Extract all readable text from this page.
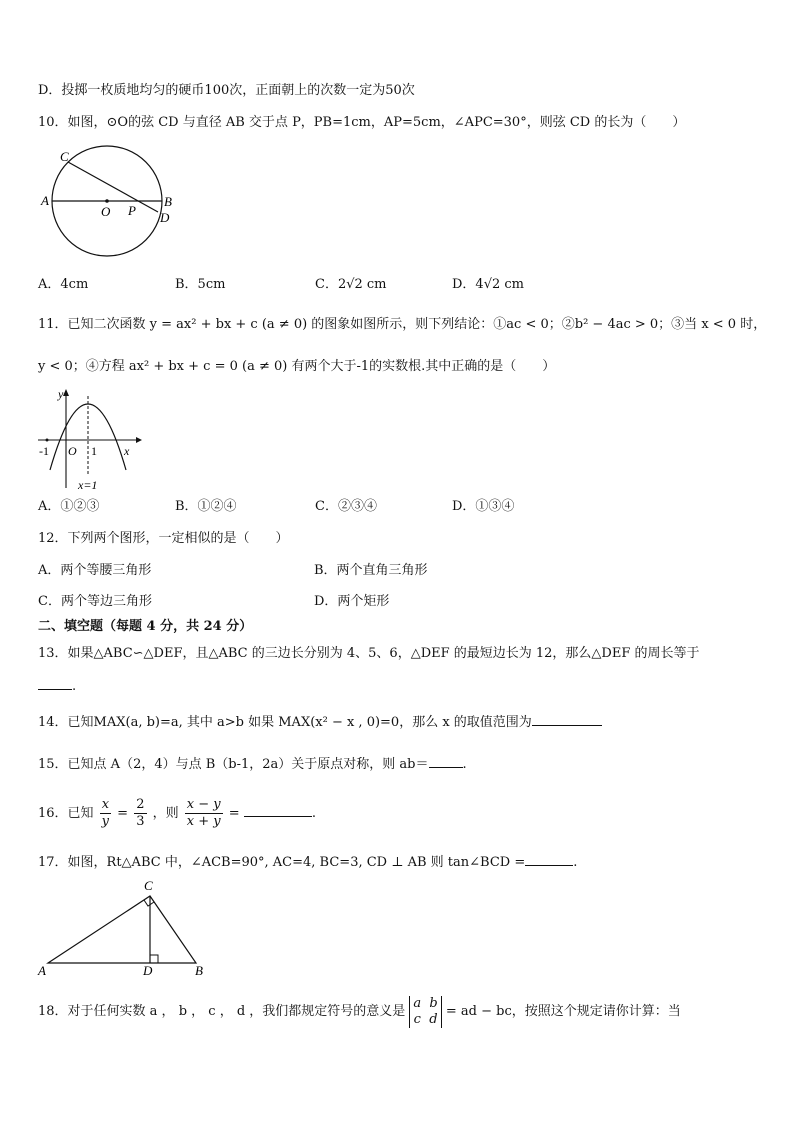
D．投掷一枚质地均匀的硬币100次，正面朝上的次数一定为50次
10．如图，⊙O的弦 CD 与直径 AB 交于点 P，PB=1cm，AP=5cm，∠APC=30°，则弦 CD 的长为（　　）
C
A
O P
B
D
A．4cm	B．5cm	C．2√2 cm	D．4√2 cm
11．已知二次函数 y = ax² + bx + c (a ≠ 0) 的图象如图所示，则下列结论：①ac < 0；②b² − 4ac > 0；③当 x < 0 时，
y < 0；④方程 ax² + bx + c = 0 (a ≠ 0) 有两个大于-1的实数根.其中正确的是（　　）
y
x
O
-1	1
x=1
A．①②③	B．①②④	C．②③④	D．①③④
12．下列两个图形，一定相似的是（　　）
A．两个等腰三角形	B．两个直角三角形
C．两个等边三角形	D．两个矩形
二、填空题（每题 4 分，共 24 分）
13．如果△ABC∽△DEF，且△ABC 的三边长分别为 4、5、6，△DEF 的最短边长为 12，那么△DEF 的周长等于
.
14．已知MAX(a, b)=a, 其中 a>b 如果 MAX(x² − x , 0)=0，那么 x 的取值范围为
15．已知点 A（2，4）与点 B（b-1，2a）关于原点对称，则 ab＝	.
16．已知 $\frac{x}{y} = \frac{2}{3}$ ，则 $\frac{x - y}{x + y}$ =	.
17．如图，Rt△ABC 中，∠ACB=90°, AC=4, BC=3, CD ⊥ AB 则 tan∠BCD =	.
C
A	D	B
18．对于任何实数 a ， b ， c ， d ，我们都规定符号的意义是
a  b
c  d = ad − bc，按照这个规定请你计算：当
